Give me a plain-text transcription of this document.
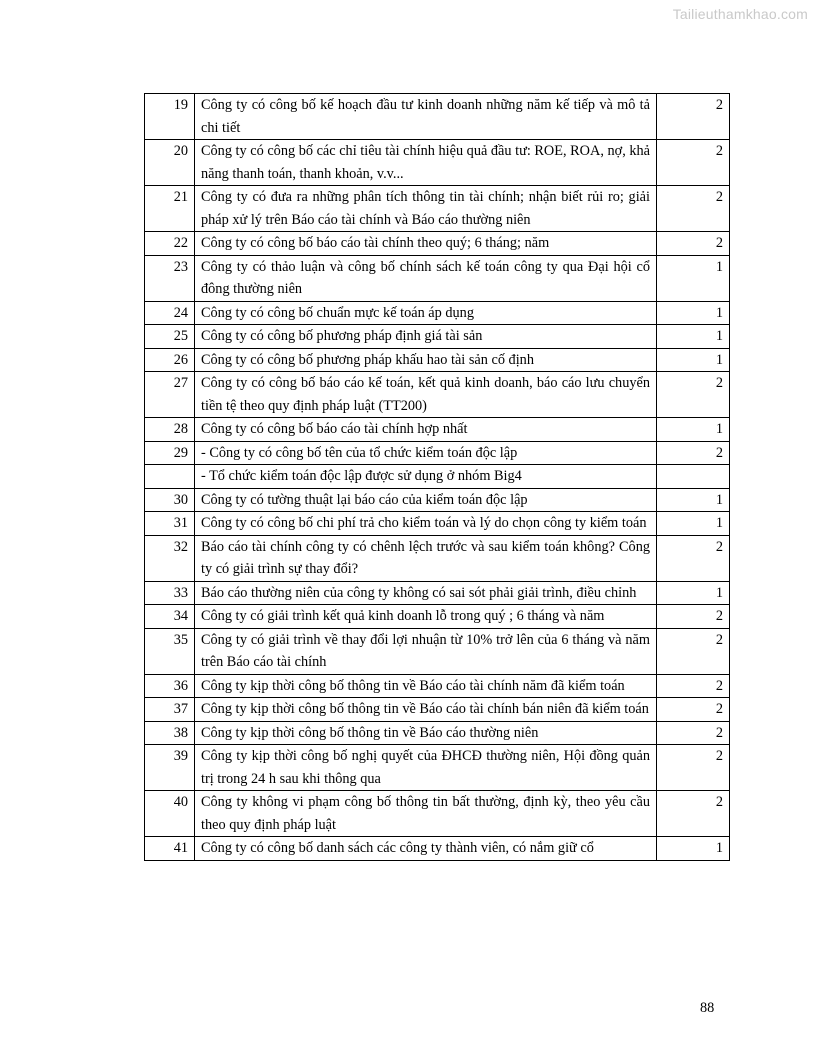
Tailieuthamkhao.com
19	Công ty có công bố kế hoạch đầu tư kinh doanh những năm kế tiếp và mô tả chi tiết	2
20	Công ty có công bố các chỉ tiêu tài chính hiệu quả đầu tư: ROE, ROA, nợ, khả năng thanh toán, thanh khoản, v.v...	2
21	Công ty có đưa ra những phân tích thông tin tài chính; nhận biết rủi ro; giải pháp xử lý trên Báo cáo tài chính và Báo cáo thường niên	2
22	Công ty có công bố báo cáo tài chính theo quý; 6 tháng; năm	2
23	Công ty có thảo luận và công bố chính sách kế toán công ty qua Đại hội cổ đông thường niên	1
24	Công ty có công bố chuẩn mực kế toán áp dụng	1
25	Công ty có công bố phương pháp định giá tài sản	1
26	Công ty có công bố phương pháp khấu hao tài sản cố định	1
27	Công ty có công bố báo cáo kế toán, kết quả kinh doanh, báo cáo lưu chuyển tiền tệ theo quy định pháp luật (TT200)	2
28	Công ty có công bố báo cáo tài chính hợp nhất	1
29	- Công ty có công bố tên của tổ chức kiểm toán độc lập	2
	- Tổ chức kiểm toán độc lập được sử dụng ở nhóm Big4	
30	Công ty có tường thuật lại báo cáo của kiểm toán độc lập	1
31	Công ty có công bố chi phí trả cho kiểm toán và lý do chọn công ty kiểm toán	1
32	Báo cáo tài chính công ty có chênh lệch trước và sau kiểm toán không? Công ty có giải trình sự thay đổi?	2
33	Báo cáo thường niên của công ty không có sai sót phải giải trình, điều chỉnh	1
34	Công ty có giải trình kết quả kinh doanh lỗ trong quý ; 6 tháng và năm	2
35	Công ty có giải trình về thay đổi lợi nhuận từ 10% trở lên của 6 tháng và năm trên Báo cáo tài chính	2
36	Công ty kịp thời công bố thông tin về Báo cáo tài chính năm đã kiểm toán	2
37	Công ty kịp thời công bố thông tin về Báo cáo tài chính bán niên đã kiểm toán	2
38	Công ty kịp thời công bố thông tin về Báo cáo thường niên	2
39	Công ty kịp thời công bố nghị quyết của ĐHCĐ thường niên, Hội đồng quản trị trong 24 h sau khi thông qua	2
40	Công ty không vi phạm công bố thông tin bất thường, định kỳ, theo yêu cầu theo quy định pháp luật	2
41	Công ty có công bố danh sách các công ty thành viên, có nắm giữ cổ	1
88
